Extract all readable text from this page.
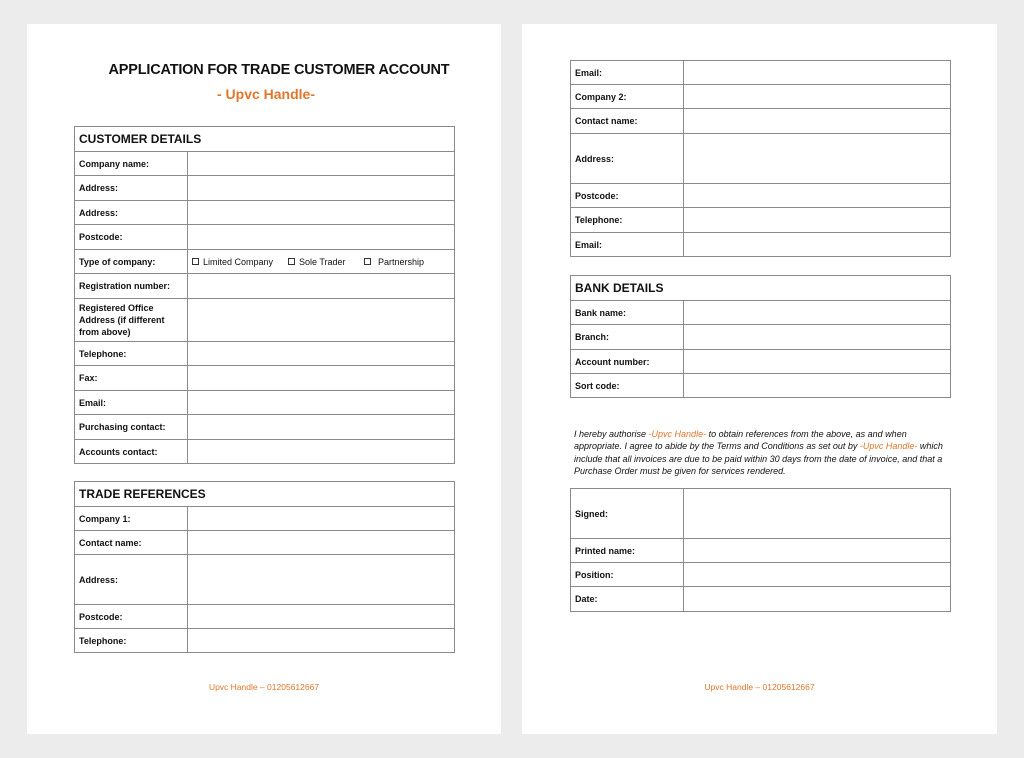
APPLICATION FOR TRADE CUSTOMER ACCOUNT
- Upvc Handle-
CUSTOMER DETAILS	
Company name:	
Address:	
Address:	
Postcode:	
Type of company:	Limited Company Sole Trader Partnership

Registration number:	
Registered Office Address (if different from above)	
Telephone:	
Fax:	
Email:	
Purchasing contact:	
Accounts contact:	
TRADE REFERENCES	
Company 1:	
Contact name:	
Address:	
Postcode:	
Telephone:	
Upvc Handle – 01205612667
Email:	
Company 2:	
Contact name:	
Address:	
Postcode:	
Telephone:	
Email:	
BANK DETAILS	
Bank name:	
Branch:	
Account number:	
Sort code:	
I hereby authorise -Upvc Handle- to obtain references from the above, as and when appropriate. I agree to abide by the Terms and Conditions as set out by -Upvc Handle- which include that all invoices are due to be paid within 30 days from the date of invoice, and that a Purchase Order must be given for services rendered.
Signed:	
Printed name:	
Position:	
Date:	
Upvc Handle – 01205612667
